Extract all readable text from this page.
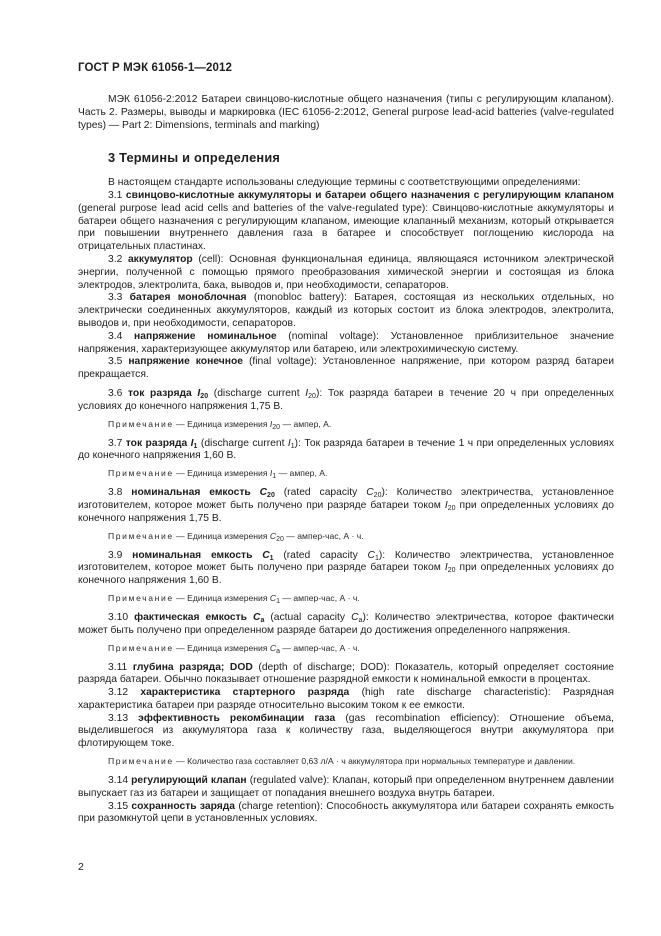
ГОСТ Р МЭК 61056-1—2012

МЭК 61056-2:2012 Батареи свинцово-кислотные общего назначения (типы с регулирующим клапаном). Часть 2. Размеры, выводы и маркировка (IEC 61056-2:2012, General purpose lead-acid batteries (valve-regulated types) — Part 2: Dimensions, terminals and marking)

3 Термины и определения

В настоящем стандарте использованы следующие термины с соответствующими определениями:

3.1 свинцово-кислотные аккумуляторы и батареи общего назначения с регулирующим клапаном (general purpose lead acid cells and batteries of the valve-regulated type): Свинцово-кислотные аккумуляторы и батареи общего назначения с регулирующим клапаном, имеющие клапанный механизм, который открывается при повышении внутреннего давления газа в батарее и способствует поглощению кислорода на отрицательных пластинах.

3.2 аккумулятор (cell): Основная функциональная единица, являющаяся источником электрической энергии, полученной с помощью прямого преобразования химической энергии и состоящая из блока электродов, электролита, бака, выводов и, при необходимости, сепараторов.

3.3 батарея моноблочная (monobloc battery): Батарея, состоящая из нескольких отдельных, но электрически соединенных аккумуляторов, каждый из которых состоит из блока электродов, электролита, выводов и, при необходимости, сепараторов.

3.4 напряжение номинальное (nominal voltage): Установленное приблизительное значение напряжения, характеризующее аккумулятор или батарею, или электрохимическую систему.

3.5 напряжение конечное (final voltage): Установленное напряжение, при котором разряд батареи прекращается.

3.6 ток разряда $I_{20}$ (discharge current $I_{20}$): Ток разряда батареи в течение 20 ч при определенных условиях до конечного напряжения 1,75 В.

Примечание — Единица измерения $I_{20}$ — ампер, А.

3.7 ток разряда $I_1$ (discharge current $I_1$): Ток разряда батареи в течение 1 ч при определенных условиях до конечного напряжения 1,60 В.

Примечание — Единица измерения $I_1$ — ампер, А.

3.8 номинальная емкость $C_{20}$ (rated capacity $C_{20}$): Количество электричества, установленное изготовителем, которое может быть получено при разряде батареи током $I_{20}$ при определенных условиях до конечного напряжения 1,75 В.

Примечание — Единица измерения $C_{20}$ — ампер-час, А · ч.

3.9 номинальная емкость $C_1$ (rated capacity $C_1$): Количество электричества, установленное изготовителем, которое может быть получено при разряде батареи током $I_{20}$ при определенных условиях до конечного напряжения 1,60 В.

Примечание — Единица измерения $C_1$ — ампер-час, А · ч.

3.10 фактическая емкость $C_a$ (actual capacity $C_a$): Количество электричества, которое фактически может быть получено при определенном разряде батареи до достижения определенного напряжения.

Примечание — Единица измерения $C_a$ — ампер-час, А · ч.

3.11 глубина разряда; DOD (depth of discharge; DOD): Показатель, который определяет состояние разряда батареи. Обычно показывает отношение разрядной емкости к номинальной емкости в процентах.

3.12 характеристика стартерного разряда (high rate discharge characteristic): Разрядная характеристика батареи при разряде относительно высоким током к ее емкости.

3.13 эффективность рекомбинации газа (gas recombination efficiency): Отношение объема, выделившегося из аккумулятора газа к количеству газа, выделяющегося внутри аккумулятора при флотирующем токе.

Примечание — Количество газа составляет 0,63 л/А · ч аккумулятора при нормальных температуре и давлении.

3.14 регулирующий клапан (regulated valve): Клапан, который при определенном внутреннем давлении выпускает газ из батареи и защищает от попадания внешнего воздуха внутрь батареи.

3.15 сохранность заряда (charge retention): Способность аккумулятора или батареи сохранять емкость при разомкнутой цепи в установленных условиях.

2
